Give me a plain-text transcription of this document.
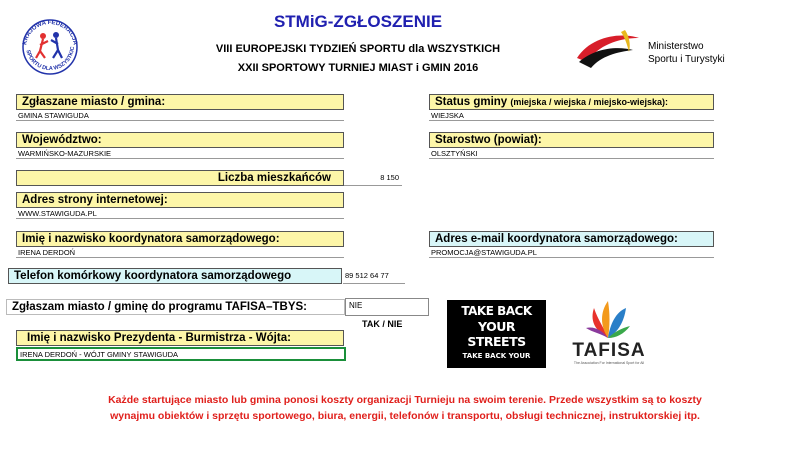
STMiG-ZGŁOSZENIE
VIII EUROPEJSKI TYDZIEŃ SPORTU dla WSZYSTKICH
XXII SPORTOWY TURNIEJ MIAST i GMIN 2016
KRAJOWA FEDERACJA
SPORTU DLA WSZYSTKIC	Ministerstwo
Sportu i Turystyki
Zgłaszane miasto / gmina:
GMINA STAWIGUDA
Status gminy (miejska / wiejska / miejsko-wiejska):
WIEJSKA
Województwo:
WARMIŃSKO-MAZURSKIE
Starostwo (powiat):
OLSZTYŃSKI
Liczba mieszkańców	8 150
Adres strony internetowej:
WWW.STAWIGUDA.PL
Imię i nazwisko koordynatora samorządowego:
IRENA DERDOŃ
Adres e-mail koordynatora samorządowego:
PROMOCJA@STAWIGUDA.PL
Telefon komórkowy koordynatora samorządowego	89 512 64 77
Zgłaszam miasto / gminę do programu TAFISA–TBYS:	NIE
TAK / NIE
Imię i nazwisko Prezydenta - Burmistrza - Wójta:
IRENA DERDOŃ - WÓJT GMINY STAWIGUDA
TAKE BACK
YOUR STREETS
TAKE BACK YOUR FUTURE
TAFISA
The Association For International Sport for All
Każde startujące miasto lub gmina ponosi koszty organizacji Turnieju na swoim terenie. Przede wszystkim są to koszty
wynajmu obiektów i sprzętu sportowego, biura, energii, telefonów i transportu, obsługi technicznej, instruktorskiej itp.
